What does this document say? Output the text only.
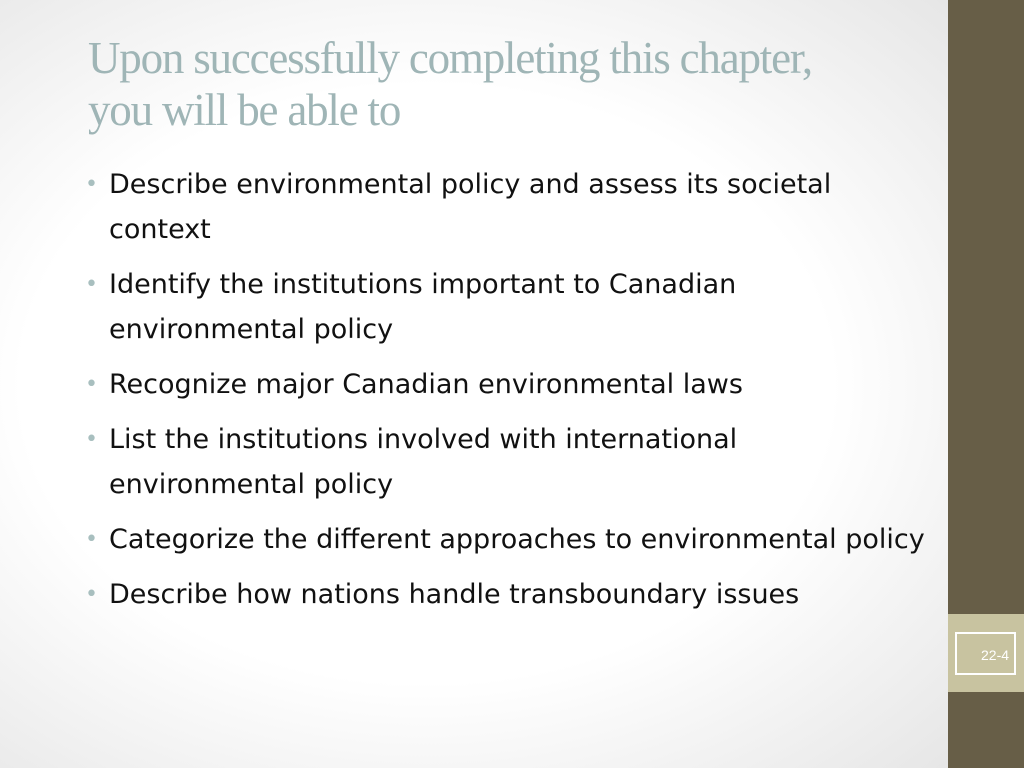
Upon successfully completing this chapter, you will be able to
• Describe environmental policy and assess its societal context
• Identify the institutions important to Canadian environmental policy
• Recognize major Canadian environmental laws
• List the institutions involved with international environmental policy
• Categorize the different approaches to environmental policy
• Describe how nations handle transboundary issues
22-4
